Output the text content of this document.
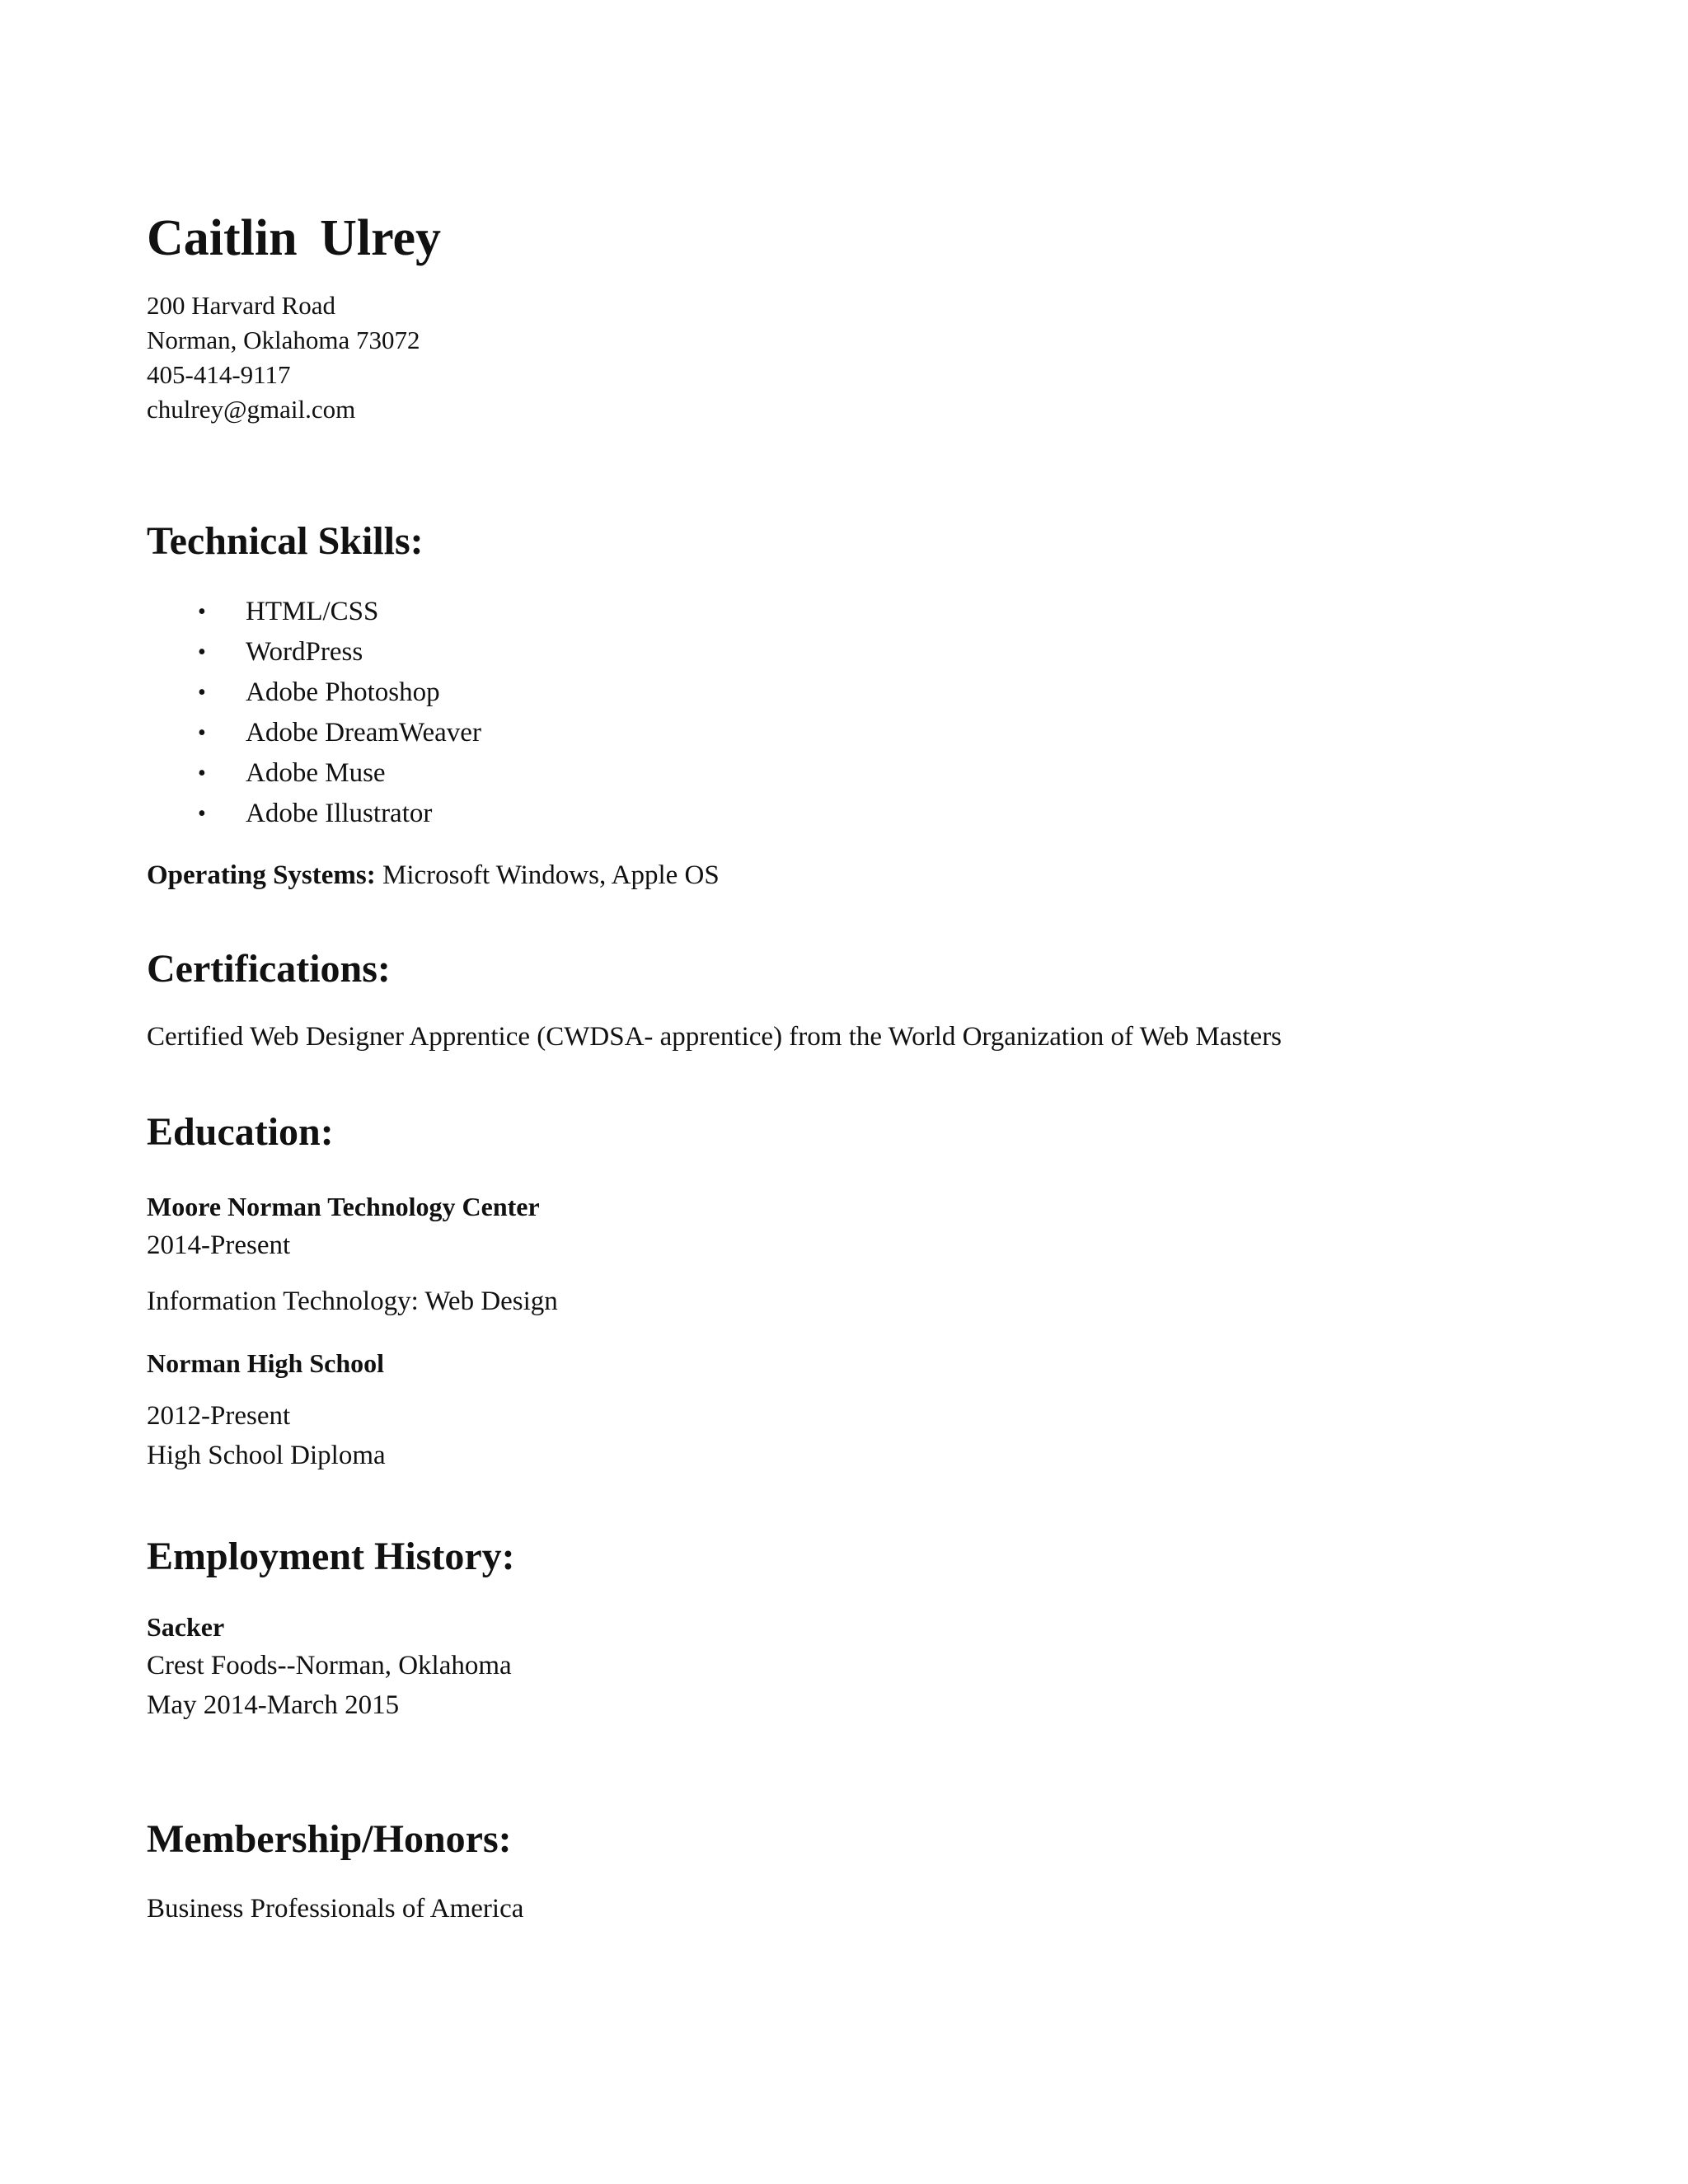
Caitlin Ulrey
200 Harvard Road
Norman, Oklahoma 73072
405-414-9117
chulrey@gmail.com
Technical Skills:
• HTML/CSS
• WordPress
• Adobe Photoshop
• Adobe DreamWeaver
• Adobe Muse
• Adobe Illustrator
Operating Systems: Microsoft Windows, Apple OS
Certifications:
Certified Web Designer Apprentice (CWDSA- apprentice) from the World Organization of Web Masters
Education:
Moore Norman Technology Center
2014-Present
Information Technology: Web Design
Norman High School
2012-Present
High School Diploma
Employment History:
Sacker
Crest Foods--Norman, Oklahoma
May 2014-March 2015
Membership/Honors:
Business Professionals of America
